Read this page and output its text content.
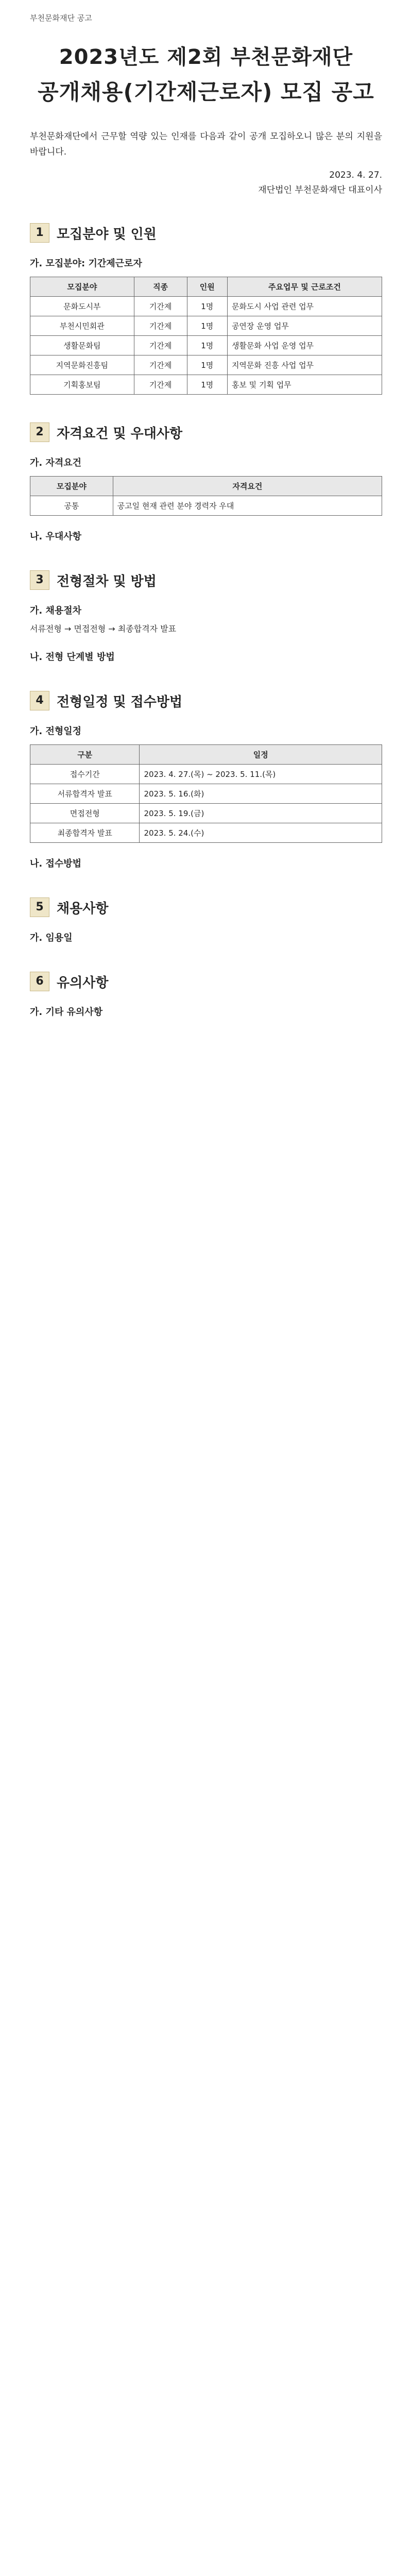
부천문화재단 공고
2023년도 제2회 부천문화재단
공개채용(기간제근로자) 모집 공고
부천문화재단에서 근무할 역량 있는 인재를 다음과 같이 공개 모집하오니 많은 분의 지원을 바랍니다.
2023. 4. 27.
재단법인 부천문화재단 대표이사
1 모집분야 및 인원
가. 모집분야: 기간제근로자
모집분야	직종	인원	주요업무 및 근로조건
문화도시부	기간제	1명	문화도시 사업 관련 업무
부천시민회관	기간제	1명	공연장 운영 업무
생활문화팀	기간제	1명	생활문화 사업 운영 업무
지역문화진흥팀	기간제	1명	지역문화 진흥 사업 업무
기획홍보팀	기간제	1명	홍보 및 기획 업무
2 자격요건 및 우대사항
가. 자격요건
모집분야	자격요건
공통	공고일 현재 관련 분야 경력자 우대
나. 우대사항
3 전형절차 및 방법
가. 채용절차
서류전형 → 면접전형 → 최종합격자 발표
나. 전형 단계별 방법
4 전형일정 및 접수방법
가. 전형일정
구분	일정
접수기간	2023. 4. 27.(목) ~ 2023. 5. 11.(목)
서류합격자 발표	2023. 5. 16.(화)
면접전형	2023. 5. 19.(금)
최종합격자 발표	2023. 5. 24.(수)
나. 접수방법
5 채용사항
가. 임용일
6 유의사항
가. 기타 유의사항
